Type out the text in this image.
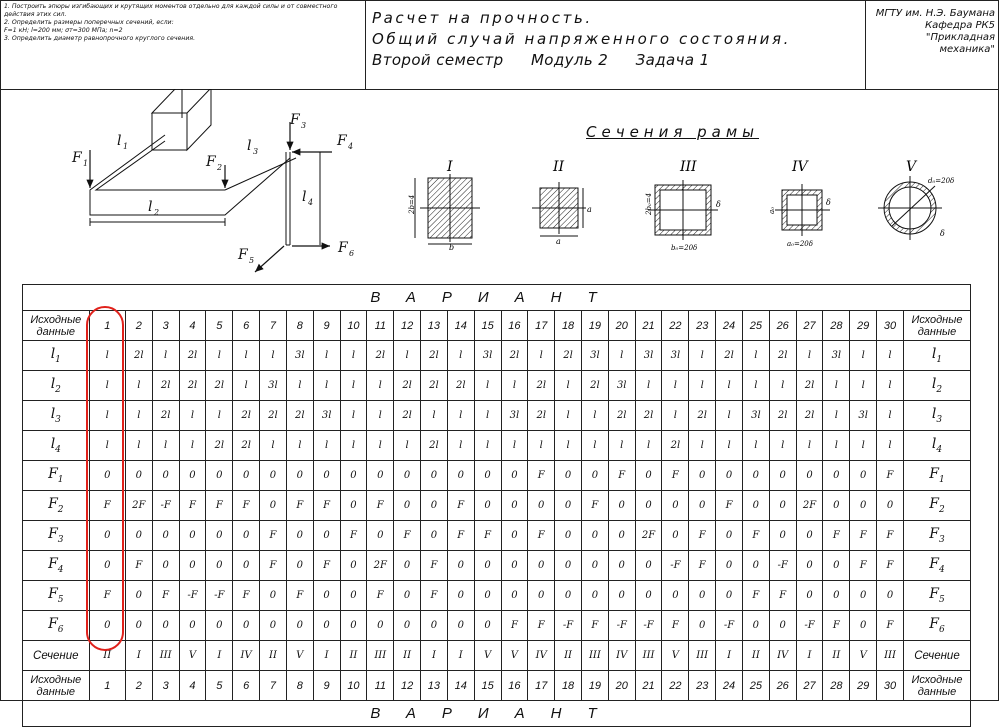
1. Построить эпюры изгибающих и крутящих моментов отдельно для каждой силы и от совместного действия этих сил.
2. Определить размеры поперечных сечений, если:
F=1 кН; l=200 мм; σт=300 МПа; n=2
3. Определить диаметр равнопрочного круглого сечения.
Расчет на прочность.
Общий случай напряженного состояния.
Второй семестр Модуль 2 Задача 1
МГТУ им. Н.Э. Баумана
Кафедра РК5
"Прикладная механика"
F 1	F 2
F 3
F 4
F 5
F 6
l 1
l 2
l 3
l 4
I
2b=4
b
II
a
a
III
δ
2b₀=4
b₀=20δ
IV
δ
a₀
a₀=20δ
V
d₀=20δ
δ
Сечения рамы
ВАРИАНТ																															
Исходные данные	1	2	3	4	5	6	7	8	9	10	11	12	13	14	15	16	17	18	19	20	21	22	23	24	25	26	27	28	29	30	Исходные данные
$l_1$	l	2l	l	2l	l	l	l	3l	l	l	2l	l	2l	l	3l	2l	l	2l	3l	l	3l	3l	l	2l	l	2l	l	3l	l	l	$l_1$
$l_2$	l	l	2l	2l	2l	l	3l	l	l	l	l	2l	2l	2l	l	l	2l	l	2l	3l	l	l	l	l	l	l	2l	l	l	l	$l_2$
$l_3$	l	l	2l	l	l	2l	2l	2l	3l	l	l	2l	l	l	l	3l	2l	l	l	2l	2l	l	2l	l	3l	2l	2l	l	3l	l	$l_3$
$l_4$	l	l	l	l	2l	2l	l	l	l	l	l	l	2l	l	l	l	l	l	l	l	l	2l	l	l	l	l	l	l	l	l	$l_4$
$F_1$	0	0	0	0	0	0	0	0	0	0	0	0	0	0	0	0	F	0	0	F	0	F	0	0	0	0	0	0	0	F	$F_1$
$F_2$	F	2F	-F	F	F	F	0	F	F	0	F	0	0	F	0	0	0	0	F	0	0	0	0	F	0	0	2F	0	0	0	$F_2$
$F_3$	0	0	0	0	0	0	F	0	0	F	0	F	0	F	F	0	F	0	0	0	2F	0	F	0	F	0	0	F	F	F	$F_3$
$F_4$	0	F	0	0	0	0	F	0	F	0	2F	0	F	0	0	0	0	0	0	0	0	-F	F	0	0	-F	0	0	F	F	$F_4$
$F_5$	F	0	F	-F	-F	F	0	F	0	0	F	0	F	0	0	0	0	0	0	0	0	0	0	0	F	F	0	0	0	0	$F_5$
$F_6$	0	0	0	0	0	0	0	0	0	0	0	0	0	0	0	F	F	-F	F	-F	-F	F	0	-F	0	0	-F	F	0	F	$F_6$
Сечение	II	I	III	V	I	IV	II	V	I	II	III	II	I	I	V	V	IV	II	III	IV	III	V	III	I	II	IV	I	II	V	III	Сечение
Исходные данные	1	2	3	4	5	6	7	8	9	10	11	12	13	14	15	16	17	18	19	20	21	22	23	24	25	26	27	28	29	30	Исходные данные
ВАРИАНТ																															
